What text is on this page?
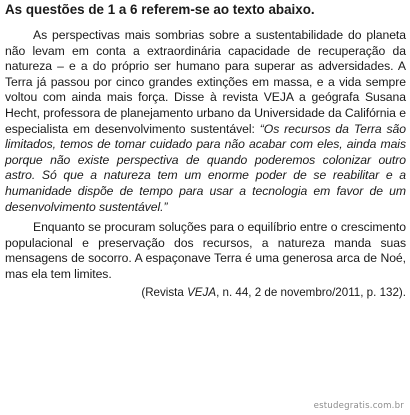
As questões de 1 a 6 referem-se ao texto abaixo.

As perspectivas mais sombrias sobre a sustentabilidade do planeta não levam em conta a extraordinária capacidade de recuperação da natureza – e a do próprio ser humano para superar as adversidades. A Terra já passou por cinco grandes extinções em massa, e a vida sempre voltou com ainda mais força. Disse à revista VEJA a geógrafa Susana Hecht, professora de planejamento urbano da Universidade da Califórnia e especialista em desenvolvimento sustentável: “Os recursos da Terra são limitados, temos de tomar cuidado para não acabar com eles, ainda mais porque não existe perspectiva de quando poderemos colonizar outro astro. Só que a natureza tem um enorme poder de se reabilitar e a humanidade dispõe de tempo para usar a tecnologia em favor de um desenvolvimento sustentável.”

Enquanto se procuram soluções para o equilíbrio entre o crescimento populacional e preservação dos recursos, a natureza manda suas mensagens de socorro. A espaçonave Terra é uma generosa arca de Noé, mas ela tem limites.

(Revista VEJA, n. 44, 2 de novembro/2011, p. 132).

estudegratis.com.br
